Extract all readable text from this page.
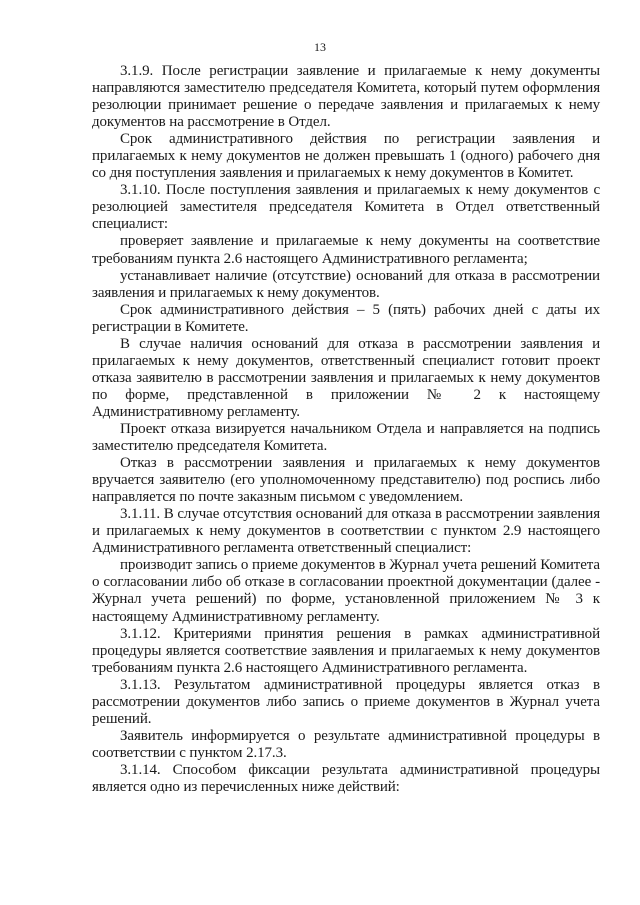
13

3.1.9. После регистрации заявление и прилагаемые к нему документы направляются заместителю председателя Комитета, который путем оформления резолюции принимает решение о передаче заявления и прилагаемых к нему документов на рассмотрение в Отдел.

Срок административного действия по регистрации заявления и прилагаемых к нему документов не должен превышать 1 (одного) рабочего дня со дня поступления заявления и прилагаемых к нему документов в Комитет.

3.1.10. После поступления заявления и прилагаемых к нему документов с резолюцией заместителя председателя Комитета в Отдел ответственный специалист:

проверяет заявление и прилагаемые к нему документы на соответствие требованиям пункта 2.6 настоящего Административного регламента;

устанавливает наличие (отсутствие) оснований для отказа в рассмотрении заявления и прилагаемых к нему документов.

Срок административного действия – 5 (пять) рабочих дней с даты их регистрации в Комитете.

В случае наличия оснований для отказа в рассмотрении заявления и прилагаемых к нему документов, ответственный специалист готовит проект отказа заявителю в рассмотрении заявления и прилагаемых к нему документов по форме, представленной в приложении № 2 к настоящему Административному регламенту.

Проект отказа визируется начальником Отдела и направляется на подпись заместителю председателя Комитета.

Отказ в рассмотрении заявления и прилагаемых к нему документов вручается заявителю (его уполномоченному представителю) под роспись либо направляется по почте заказным письмом с уведомлением.

3.1.11. В случае отсутствия оснований для отказа в рассмотрении заявления и прилагаемых к нему документов в соответствии с пунктом 2.9 настоящего Административного регламента ответственный специалист:

производит запись о приеме документов в Журнал учета решений Комитета о согласовании либо об отказе в согласовании проектной документации (далее - Журнал учета решений) по форме, установленной приложением № 3 к настоящему Административному регламенту.

3.1.12. Критериями принятия решения в рамках административной процедуры является соответствие заявления и прилагаемых к нему документов требованиям пункта 2.6 настоящего Административного регламента.

3.1.13. Результатом административной процедуры является отказ в рассмотрении документов либо запись о приеме документов в Журнал учета решений.

Заявитель информируется о результате административной процедуры в соответствии с пунктом 2.17.3.

3.1.14. Способом фиксации результата административной процедуры является одно из перечисленных ниже действий:
